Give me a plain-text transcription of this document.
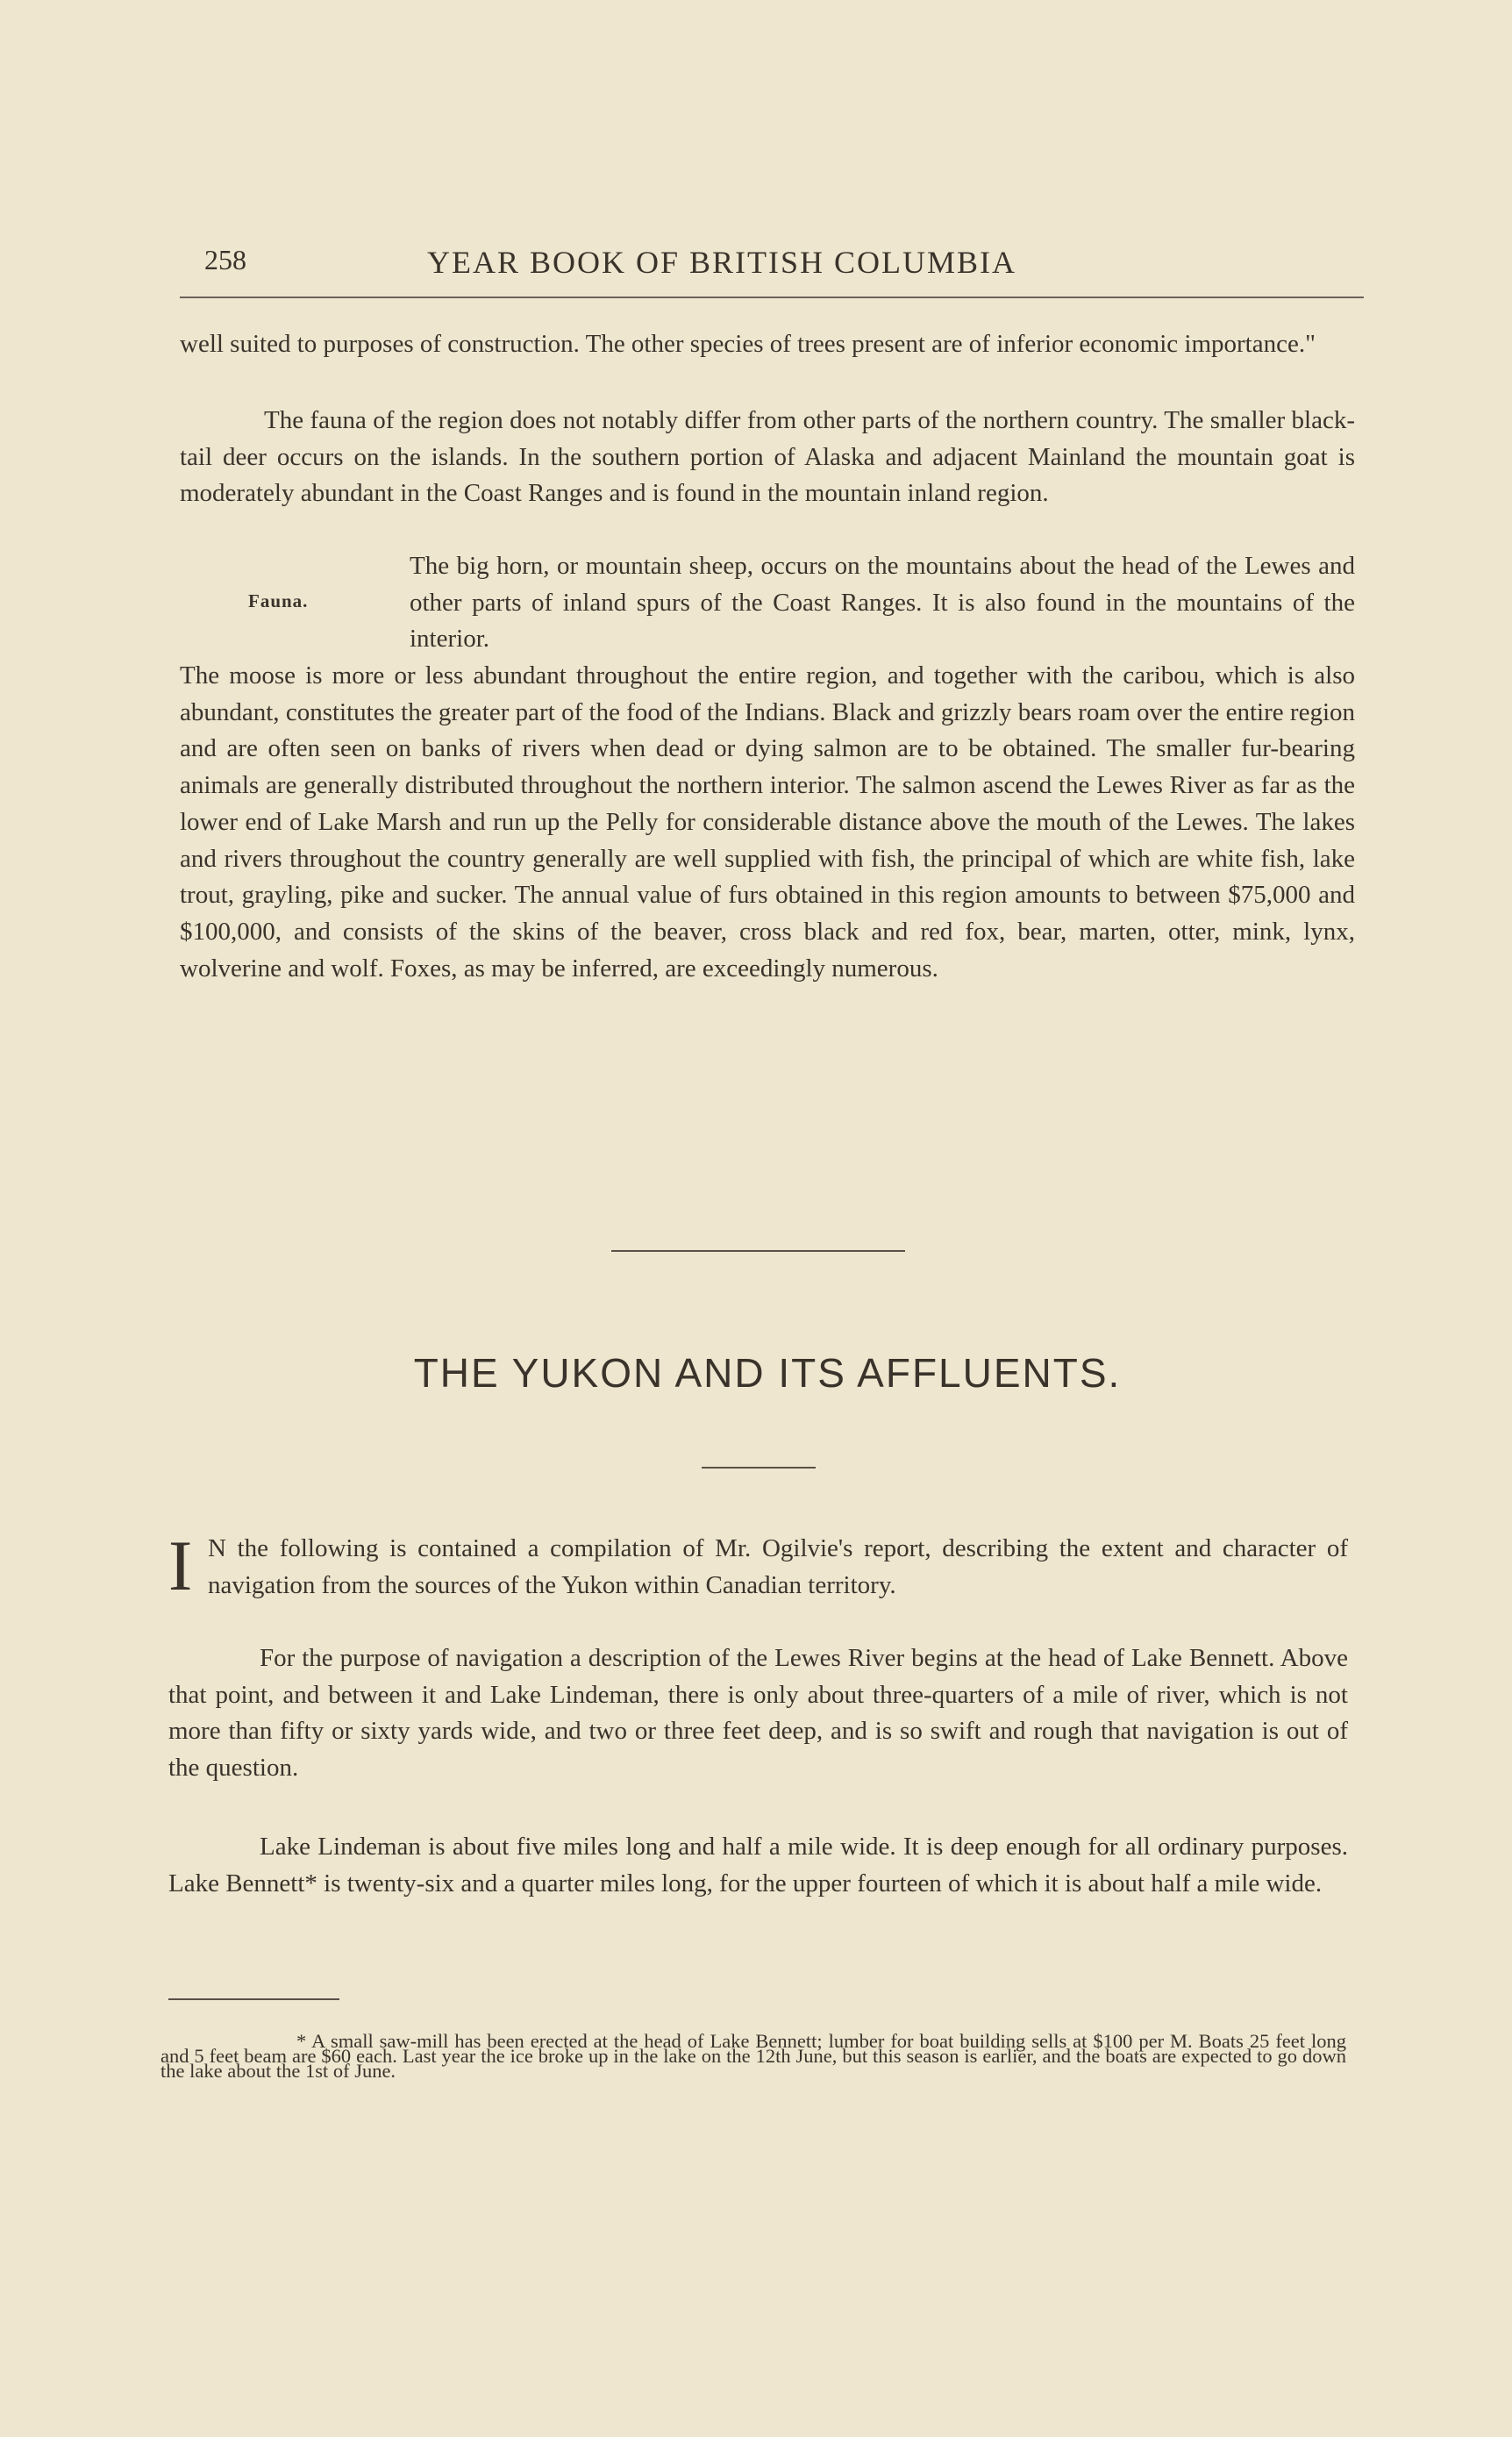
258	YEAR BOOK OF BRITISH COLUMBIA

well suited to purposes of construction. The other species of trees present are of inferior economic importance."

The fauna of the region does not notably differ from other parts of the northern country. The smaller black-tail deer occurs on the islands. In the southern portion of Alaska and adjacent Mainland the mountain goat is moderately abundant in the Coast Ranges and is found in the mountain inland region.

Fauna.

The big horn, or mountain sheep, occurs on the mountains about the head of the Lewes and other parts of inland spurs of the Coast Ranges. It is also found in the mountains of the interior.

The moose is more or less abundant throughout the entire region, and together with the caribou, which is also abundant, constitutes the greater part of the food of the Indians. Black and grizzly bears roam over the entire region and are often seen on banks of rivers when dead or dying salmon are to be obtained. The smaller fur-bearing animals are generally distributed throughout the northern interior. The salmon ascend the Lewes River as far as the lower end of Lake Marsh and run up the Pelly for considerable distance above the mouth of the Lewes. The lakes and rivers throughout the country generally are well supplied with fish, the principal of which are white fish, lake trout, grayling, pike and sucker. The annual value of furs obtained in this region amounts to between $75,000 and $100,000, and consists of the skins of the beaver, cross black and red fox, bear, marten, otter, mink, lynx, wolverine and wolf. Foxes, as may be inferred, are exceedingly numerous.

THE YUKON AND ITS AFFLUENTS.
I N the following is contained a compilation of Mr. Ogilvie's report, describing the extent and character of navigation from the sources of the Yukon within Canadian territory.

For the purpose of navigation a description of the Lewes River begins at the head of Lake Bennett. Above that point, and between it and Lake Lindeman, there is only about three-quarters of a mile of river, which is not more than fifty or sixty yards wide, and two or three feet deep, and is so swift and rough that navigation is out of the question.

Lake Lindeman is about five miles long and half a mile wide. It is deep enough for all ordinary purposes. Lake Bennett* is twenty-six and a quarter miles long, for the upper fourteen of which it is about half a mile wide.

* A small saw-mill has been erected at the head of Lake Bennett; lumber for boat building sells at $100 per M. Boats 25 feet long and 5 feet beam are $60 each. Last year the ice broke up in the lake on the 12th June, but this season is earlier, and the boats are expected to go down the lake about the 1st of June.
